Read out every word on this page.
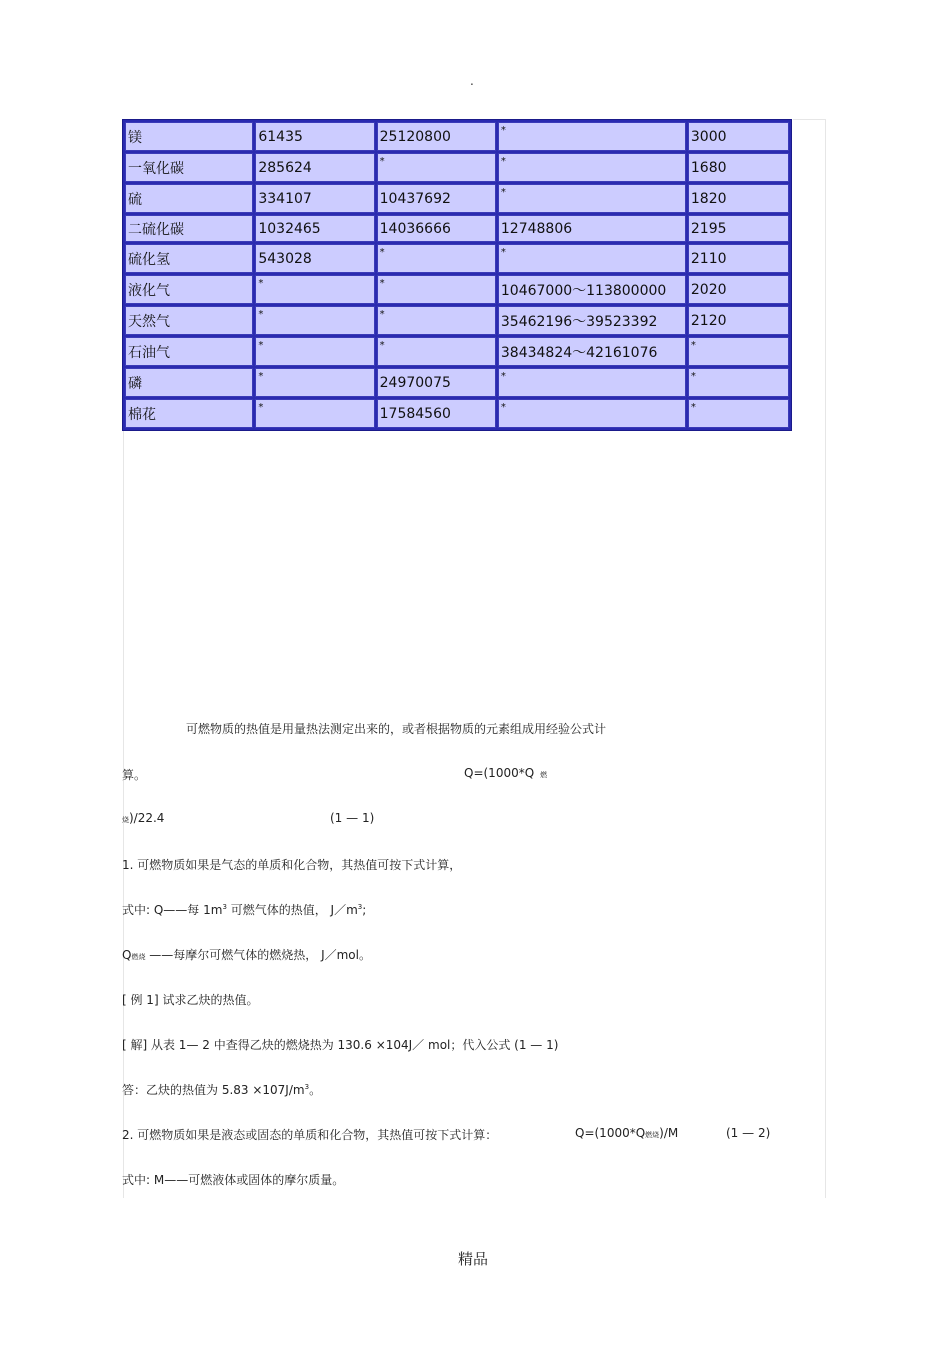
.
镁	61435	25120800	*	3000
一氧化碳	285624	*	*	1680
硫	334107	10437692	*	1820
二硫化碳	1032465	14036666	12748806	2195
硫化氢	543028	*	*	2110
液化气	*	*	10467000～113800000	2020
天然气	*	*	35462196～39523392	2120
石油气	*	*	38434824～42161076	*
磷	*	24970075	*	*
棉花	*	17584560	*	*
可燃物质的热值是用量热法测定出来的，或者根据物质的元素组成用经验公式计
算。	Q=(1000*Q 燃
烧)/22.4	(1 — 1)
1. 可燃物质如果是气态的单质和化合物，其热值可按下式计算，
式中: Q——每 $1m^3$ 可燃气体的热值， $J/m^3$;
Q燃烧 ——每摩尔可燃气体的燃烧热， J／mol。
[ 例 1] 试求乙炔的热值。
[ 解] 从表 1— 2 中查得乙炔的燃烧热为 130.6 ×104J／ mol；代入公式 (1 — 1)
答：乙炔的热值为 $5.83 \times 107J/m^3$。
2. 可燃物质如果是液态或固态的单质和化合物，其热值可按下式计算：	Q=(1000*Q燃烧)/M	(1 — 2)
式中: M——可燃液体或固体的摩尔质量。
精品
